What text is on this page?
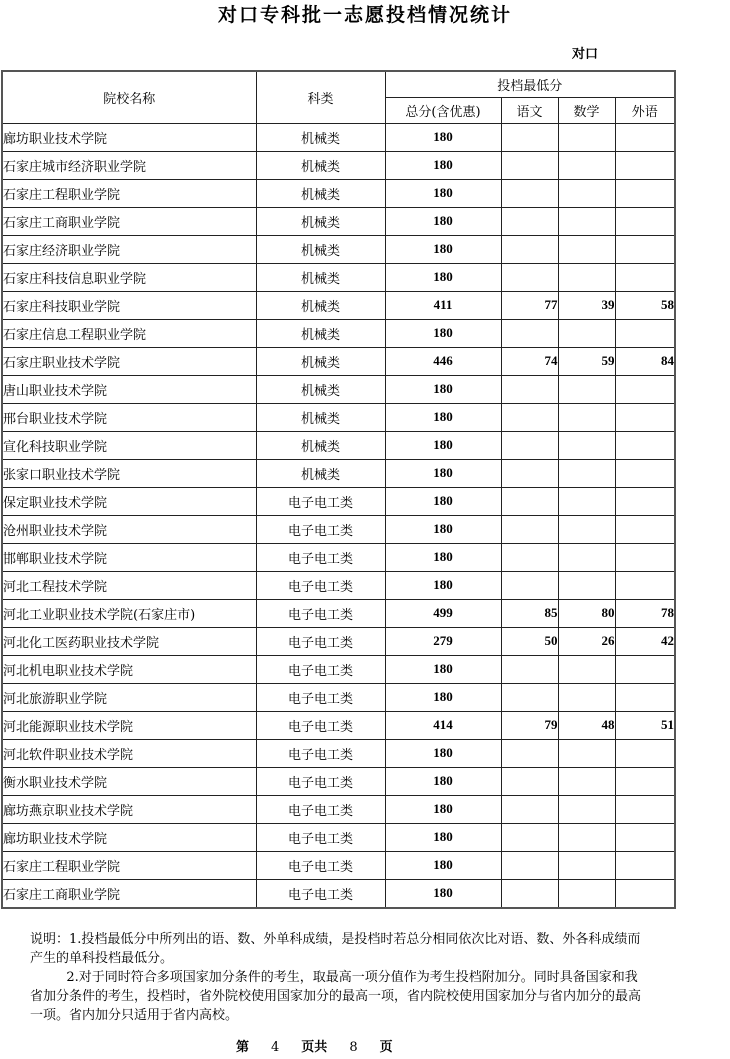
对口专科批一志愿投档情况统计
对口
院校名称	科类	投档最低分			
		总分(含优惠)	语文	数学	外语
廊坊职业技术学院	机械类	180			
石家庄城市经济职业学院	机械类	180			
石家庄工程职业学院	机械类	180			
石家庄工商职业学院	机械类	180			
石家庄经济职业学院	机械类	180			
石家庄科技信息职业学院	机械类	180			
石家庄科技职业学院	机械类	411	77	39	58
石家庄信息工程职业学院	机械类	180			
石家庄职业技术学院	机械类	446	74	59	84
唐山职业技术学院	机械类	180			
邢台职业技术学院	机械类	180			
宣化科技职业学院	机械类	180			
张家口职业技术学院	机械类	180			
保定职业技术学院	电子电工类	180			
沧州职业技术学院	电子电工类	180			
邯郸职业技术学院	电子电工类	180			
河北工程技术学院	电子电工类	180			
河北工业职业技术学院(石家庄市)	电子电工类	499	85	80	78
河北化工医药职业技术学院	电子电工类	279	50	26	42
河北机电职业技术学院	电子电工类	180			
河北旅游职业学院	电子电工类	180			
河北能源职业技术学院	电子电工类	414	79	48	51
河北软件职业技术学院	电子电工类	180			
衡水职业技术学院	电子电工类	180			
廊坊燕京职业技术学院	电子电工类	180			
廊坊职业技术学院	电子电工类	180			
石家庄工程职业学院	电子电工类	180			
石家庄工商职业学院	电子电工类	180			

说明：1.投档最低分中所列出的语、数、外单科成绩，是投档时若总分相同依次比对语、数、外各科成绩而产生的单科投档最低分。

2.对于同时符合多项国家加分条件的考生，取最高一项分值作为考生投档附加分。同时具备国家和我省加分条件的考生，投档时，省外院校使用国家加分的最高一项，省内院校使用国家加分与省内加分的最高一项。省内加分只适用于省内高校。

第 4 页共 8 页
